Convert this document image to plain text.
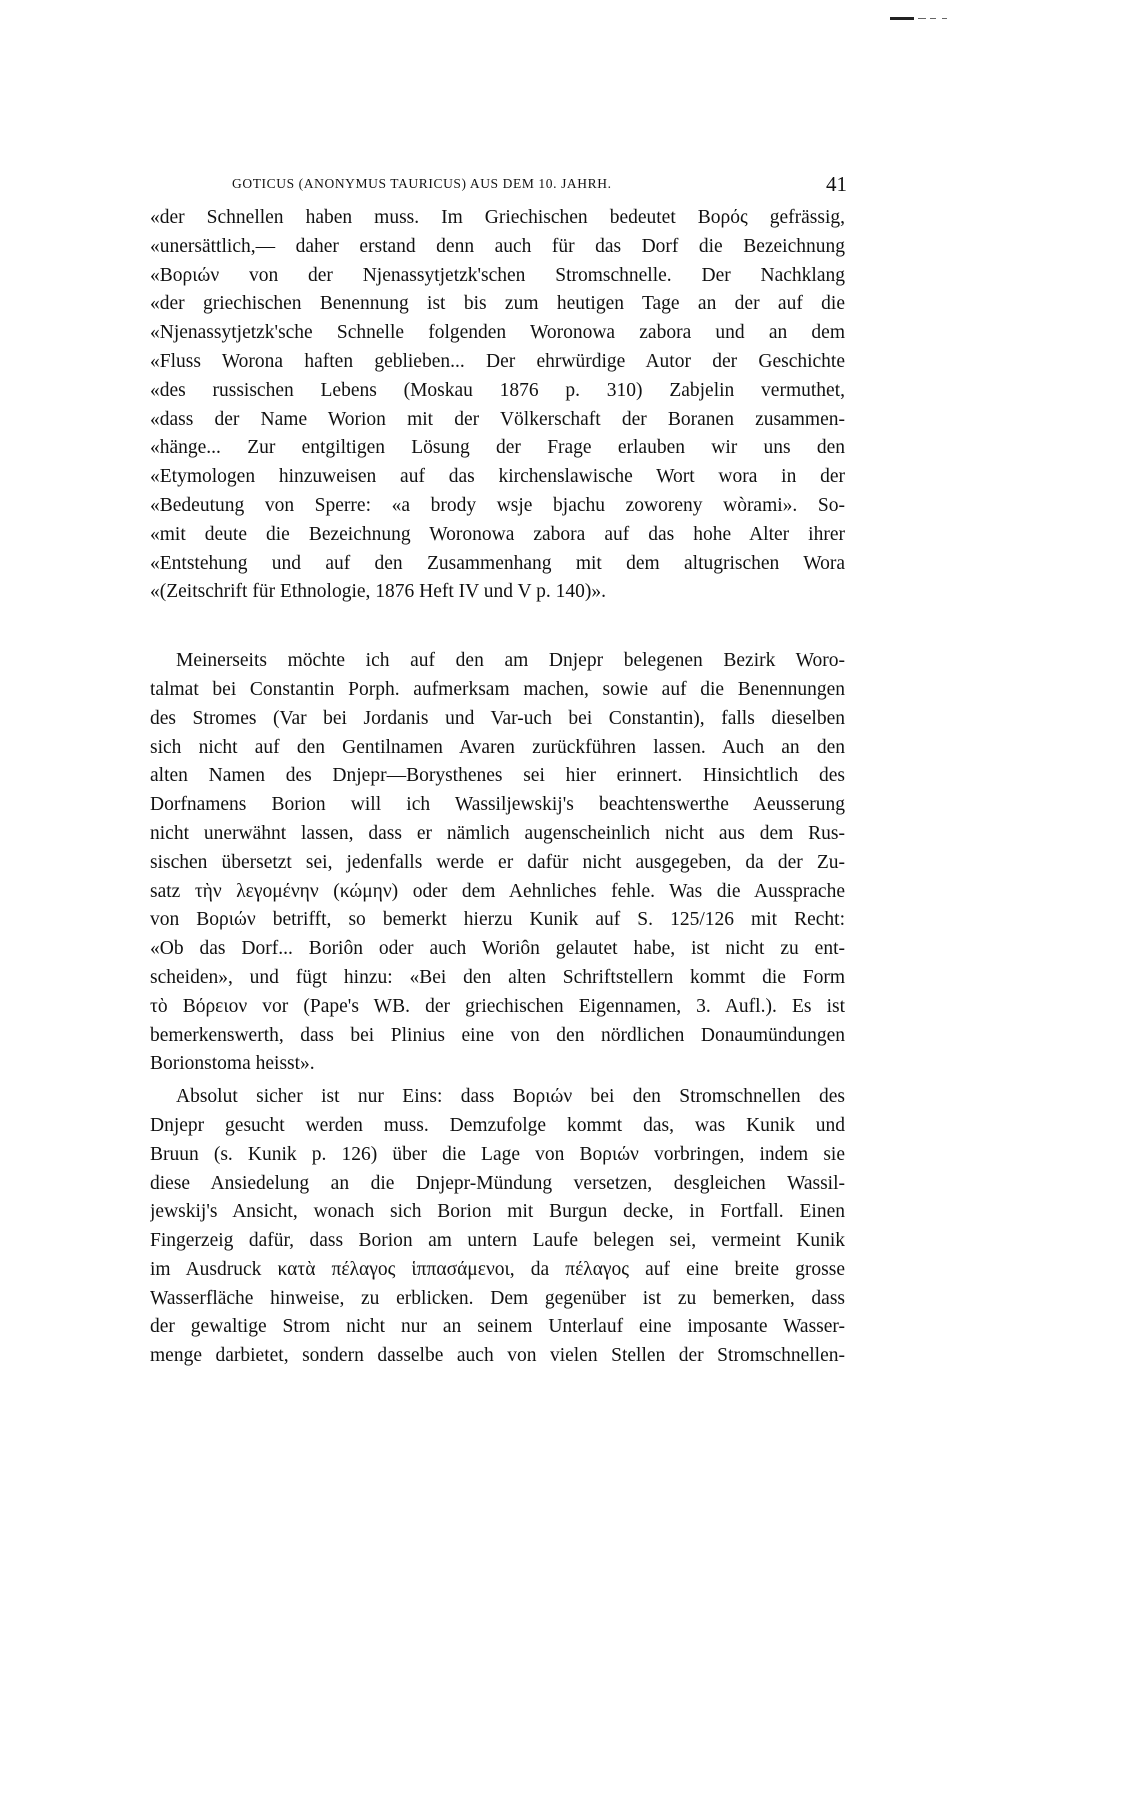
GOTICUS (ANONYMUS TAURICUS) AUS DEM 10. JAHRH.	41
«der Schnellen haben muss. Im Griechischen bedeutet Βορός gefrässig,
«unersättlich,— daher erstand denn auch für das Dorf die Bezeichnung
«Βοριών von der Njenassytjetzk'schen Stromschnelle. Der Nachklang
«der griechischen Benennung ist bis zum heutigen Tage an der auf die
«Njenassytjetzk'sche Schnelle folgenden Woronowa zabora und an dem
«Fluss Worona haften geblieben... Der ehrwürdige Autor der Geschichte
«des russischen Lebens (Moskau 1876 p. 310) Zabjelin vermuthet,
«dass der Name Worion mit der Völkerschaft der Boranen zusammen-
«hänge... Zur entgiltigen Lösung der Frage erlauben wir uns den
«Etymologen hinzuweisen auf das kirchenslawische Wort wora in der
«Bedeutung von Sperre: «a brody wsje bjachu zoworeny wòrami». So-
«mit deute die Bezeichnung Woronowa zabora auf das hohe Alter ihrer
«Entstehung und auf den Zusammenhang mit dem altugrischen Wora
«(Zeitschrift für Ethnologie, 1876 Heft IV und V p. 140)».
Meinerseits möchte ich auf den am Dnjepr belegenen Bezirk Woro-
talmat bei Constantin Porph. aufmerksam machen, sowie auf die Benennungen
des Stromes (Var bei Jordanis und Var-uch bei Constantin), falls dieselben
sich nicht auf den Gentilnamen Avaren zurückführen lassen. Auch an den
alten Namen des Dnjepr—Borysthenes sei hier erinnert. Hinsichtlich des
Dorfnamens Borion will ich Wassiljewskij's beachtenswerthe Aeusserung
nicht unerwähnt lassen, dass er nämlich augenscheinlich nicht aus dem Rus-
sischen übersetzt sei, jedenfalls werde er dafür nicht ausgegeben, da der Zu-
satz τὴν λεγομένην (κώμην) oder dem Aehnliches fehle. Was die Aussprache
von Βοριών betrifft, so bemerkt hierzu Kunik auf S. 125/126 mit Recht:
«Ob das Dorf... Boriôn oder auch Woriôn gelautet habe, ist nicht zu ent-
scheiden», und fügt hinzu: «Bei den alten Schriftstellern kommt die Form
τὸ Βόρειον vor (Pape's WB. der griechischen Eigennamen, 3. Aufl.). Es ist
bemerkenswerth, dass bei Plinius eine von den nördlichen Donaumündungen
Borionstoma heisst».
Absolut sicher ist nur Eins: dass Βοριών bei den Stromschnellen des
Dnjepr gesucht werden muss. Demzufolge kommt das, was Kunik und
Bruun (s. Kunik p. 126) über die Lage von Βοριών vorbringen, indem sie
diese Ansiedelung an die Dnjepr-Mündung versetzen, desgleichen Wassil-
jewskij's Ansicht, wonach sich Borion mit Burgun decke, in Fortfall. Einen
Fingerzeig dafür, dass Borion am untern Laufe belegen sei, vermeint Kunik
im Ausdruck κατὰ πέλαγος ἱππασάμενοι, da πέλαγος auf eine breite grosse
Wasserfläche hinweise, zu erblicken. Dem gegenüber ist zu bemerken, dass
der gewaltige Strom nicht nur an seinem Unterlauf eine imposante Wasser-
menge darbietet, sondern dasselbe auch von vielen Stellen der Stromschnellen-
